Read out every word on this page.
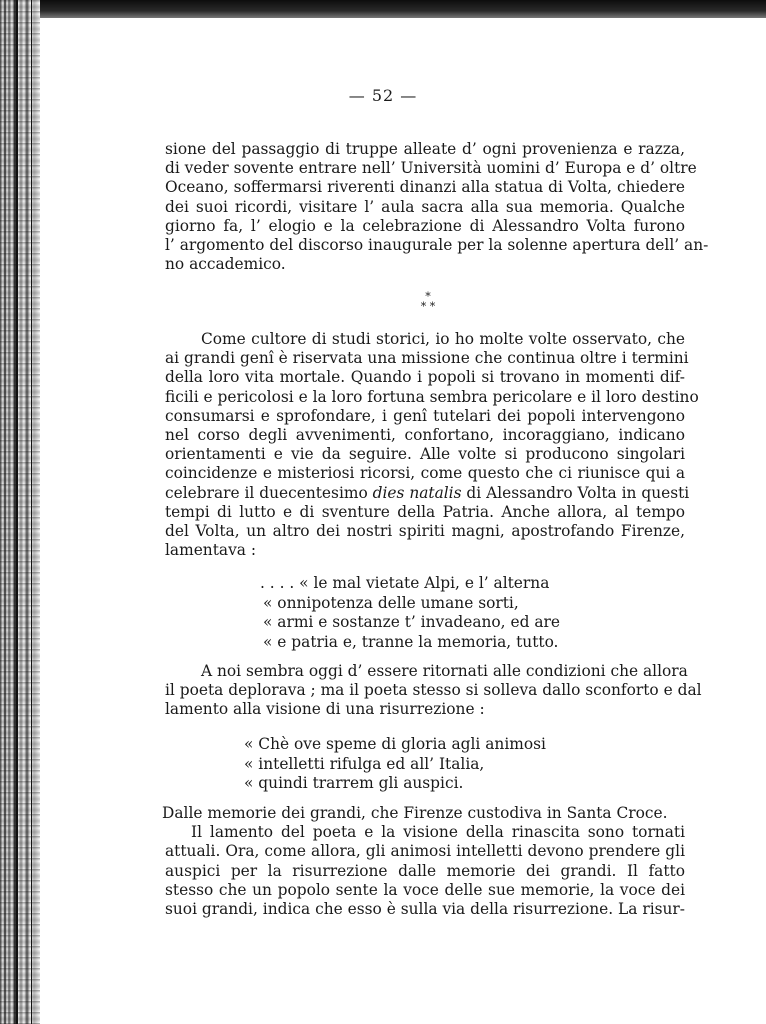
— 52 —
sione del passaggio di truppe alleate d’ ogni provenienza e razza,
di veder sovente entrare nell’ Università uomini d’ Europa e d’ oltre
Oceano, soffermarsi riverenti dinanzi alla statua di Volta, chiedere
dei suoi ricordi, visitare l’ aula sacra alla sua memoria. Qualche
giorno fa, l’ elogio e la celebrazione di Alessandro Volta furono
l’ argomento del discorso inaugurale per la solenne apertura dell’ an-
no accademico.
*
* *
Come cultore di studi storici, io ho molte volte osservato, che
ai grandi genî è riservata una missione che continua oltre i termini
della loro vita mortale. Quando i popoli si trovano in momenti dif-
ficili e pericolosi e la loro fortuna sembra pericolare e il loro destino
consumarsi e sprofondare, i genî tutelari dei popoli intervengono
nel corso degli avvenimenti, confortano, incoraggiano, indicano
orientamenti e vie da seguire. Alle volte si producono singolari
coincidenze e misteriosi ricorsi, come questo che ci riunisce qui a
celebrare il duecentesimo dies natalis di Alessandro Volta in questi
tempi di lutto e di sventure della Patria. Anche allora, al tempo
del Volta, un altro dei nostri spiriti magni, apostrofando Firenze,
lamentava :
. . . . « le mal vietate Alpi, e l’ alterna
« onnipotenza delle umane sorti,
« armi e sostanze t’ invadeano, ed are
« e patria e, tranne la memoria, tutto.
A noi sembra oggi d’ essere ritornati alle condizioni che allora
il poeta deplorava ; ma il poeta stesso si solleva dallo sconforto e dal
lamento alla visione di una risurrezione :
« Chè ove speme di gloria agli animosi
« intelletti rifulga ed all’ Italia,
« quindi trarrem gli auspici.
Dalle memorie dei grandi, che Firenze custodiva in Santa Croce.
Il lamento del poeta e la visione della rinascita sono tornati
attuali. Ora, come allora, gli animosi intelletti devono prendere gli
auspici per la risurrezione dalle memorie dei grandi. Il fatto
stesso che un popolo sente la voce delle sue memorie, la voce dei
suoi grandi, indica che esso è sulla via della risurrezione. La risur-
